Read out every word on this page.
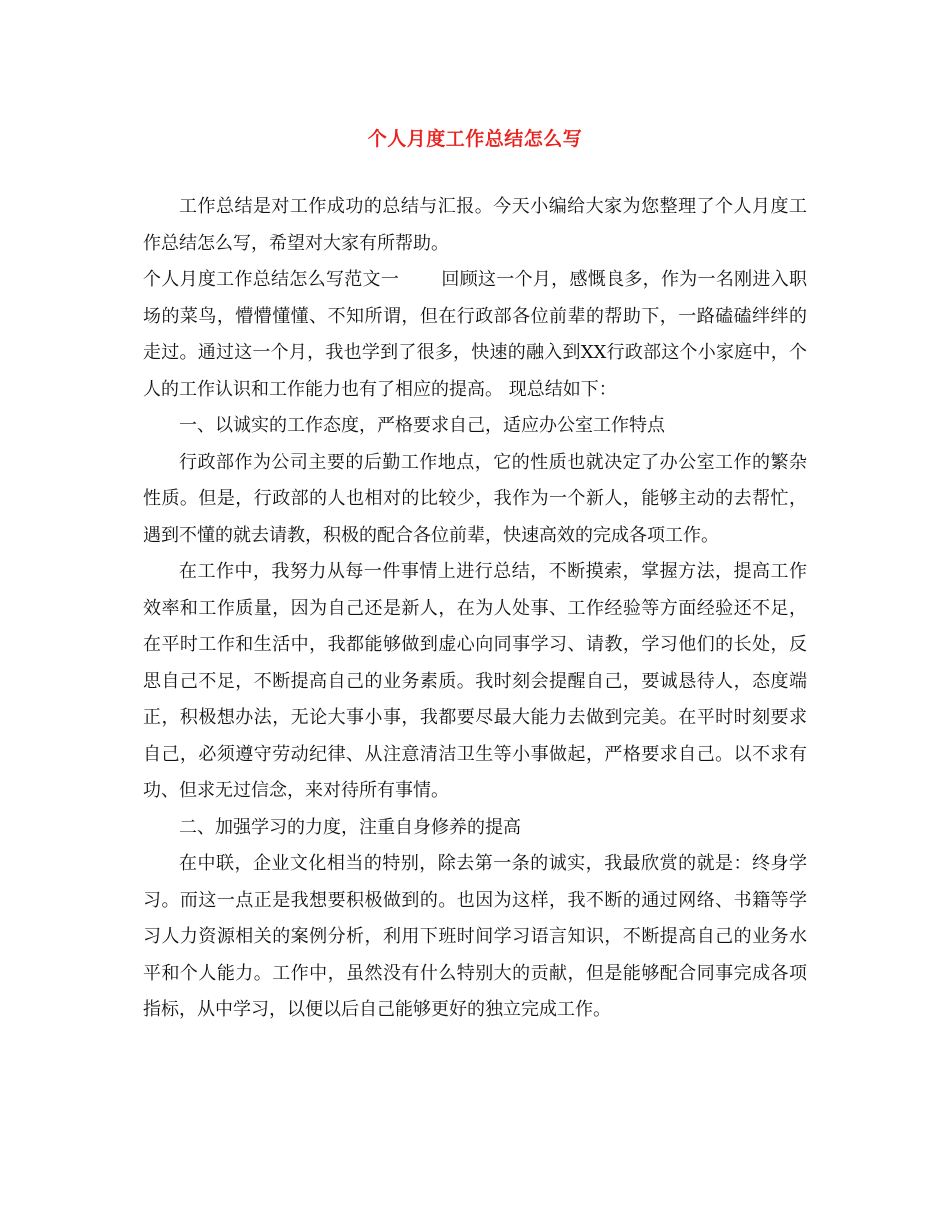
个人月度工作总结怎么写

工作总结是对工作成功的总结与汇报。今天小编给大家为您整理了个人月度工作总结怎么写，希望对大家有所帮助。

个人月度工作总结怎么写范文一 回顾这一个月，感慨良多，作为一名刚进入职场的菜鸟，懵懵懂懂、不知所谓，但在行政部各位前辈的帮助下，一路磕磕绊绊的走过。通过这一个月，我也学到了很多，快速的融入到XX行政部这个小家庭中，个人的工作认识和工作能力也有了相应的提高。 现总结如下：

一、以诚实的工作态度，严格要求自己，适应办公室工作特点

行政部作为公司主要的后勤工作地点，它的性质也就决定了办公室工作的繁杂性质。但是，行政部的人也相对的比较少，我作为一个新人，能够主动的去帮忙，遇到不懂的就去请教，积极的配合各位前辈，快速高效的完成各项工作。

在工作中，我努力从每一件事情上进行总结，不断摸索，掌握方法，提高工作效率和工作质量，因为自己还是新人，在为人处事、工作经验等方面经验还不足，在平时工作和生活中，我都能够做到虚心向同事学习、请教，学习他们的长处，反思自己不足，不断提高自己的业务素质。我时刻会提醒自己，要诚恳待人，态度端正，积极想办法，无论大事小事，我都要尽最大能力去做到完美。在平时时刻要求自己，必须遵守劳动纪律、从注意清洁卫生等小事做起，严格要求自己。以不求有功、但求无过信念，来对待所有事情。

二、加强学习的力度，注重自身修养的提高

在中联，企业文化相当的特别，除去第一条的诚实，我最欣赏的就是：终身学习。而这一点正是我想要积极做到的。也因为这样，我不断的通过网络、书籍等学习人力资源相关的案例分析，利用下班时间学习语言知识，不断提高自己的业务水平和个人能力。工作中，虽然没有什么特别大的贡献，但是能够配合同事完成各项指标，从中学习，以便以后自己能够更好的独立完成工作。
